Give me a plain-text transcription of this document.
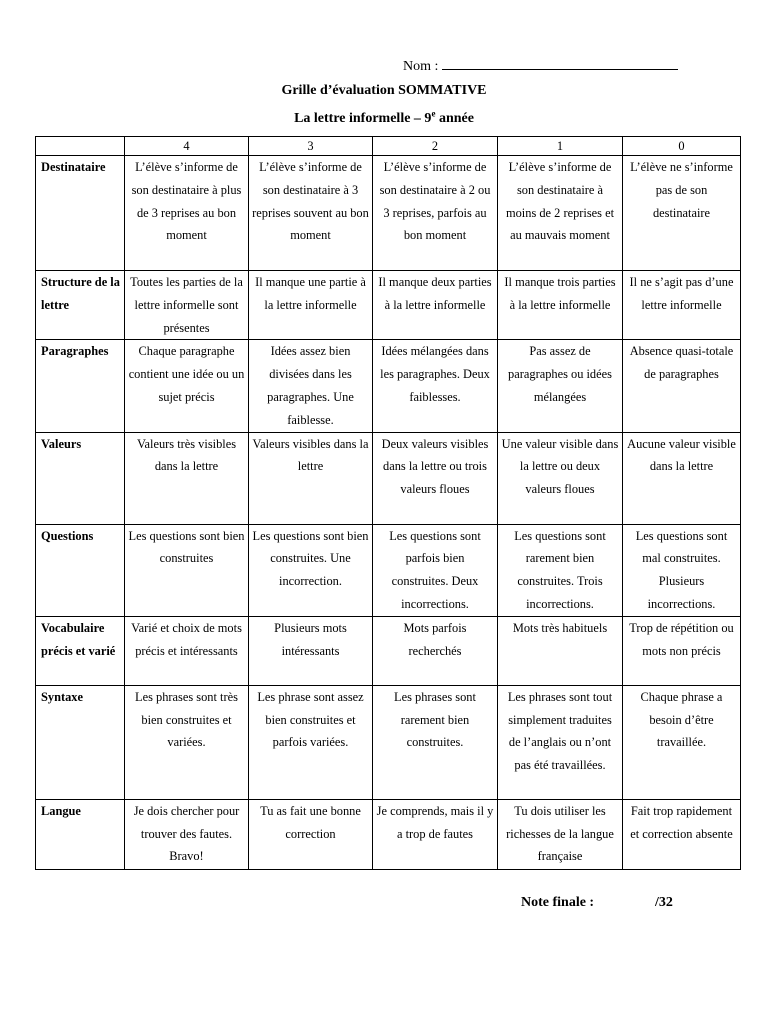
Nom :
Grille d’évaluation SOMMATIVE
La lettre informelle – 9e année
	4	3	2	1	0
Destinataire	L’élève s’informe de son destinataire à plus de 3 reprises au bon moment	L’élève s’informe de son destinataire à 3 reprises souvent au bon moment	L’élève s’informe de son destinataire à 2 ou 3 reprises, parfois au bon moment	L’élève s’informe de son destinataire à moins de 2 reprises et au mauvais moment	L’élève ne s’informe pas de son destinataire
Structure de la lettre	Toutes les parties de la lettre informelle sont présentes	Il manque une partie à la lettre informelle	Il manque deux parties à la lettre informelle	Il manque trois parties à la lettre informelle	Il ne s’agit pas d’une lettre informelle
Paragraphes	Chaque paragraphe contient une idée ou un sujet précis	Idées assez bien divisées dans les paragraphes. Une faiblesse.	Idées mélangées dans les paragraphes. Deux faiblesses.	Pas assez de paragraphes ou idées mélangées	Absence quasi-totale de paragraphes
Valeurs	Valeurs très visibles dans la lettre	Valeurs visibles dans la lettre	Deux valeurs visibles dans la lettre ou trois valeurs floues	Une valeur visible dans la lettre ou deux valeurs floues	Aucune valeur visible dans la lettre
Questions	Les questions sont bien construites	Les questions sont bien construites. Une incorrection.	Les questions sont parfois bien construites. Deux incorrections.	Les questions sont rarement bien construites. Trois incorrections.	Les questions sont mal construites. Plusieurs incorrections.
Vocabulaire précis et varié	Varié et choix de mots précis et intéressants	Plusieurs mots intéressants	Mots parfois recherchés	Mots très habituels	Trop de répétition ou mots non précis
Syntaxe	Les phrases sont très bien construites et variées.	Les phrase sont assez bien construites et parfois variées.	Les phrases sont rarement bien construites.	Les phrases sont tout simplement traduites de l’anglais ou n’ont pas été travaillées.	Chaque phrase a besoin d’être travaillée.
Langue	Je dois chercher pour trouver des fautes. Bravo!	Tu as fait une bonne correction	Je comprends, mais il y a trop de fautes	Tu dois utiliser les richesses de la langue française	Fait trop rapidement et correction absente
Note finale :	/32
